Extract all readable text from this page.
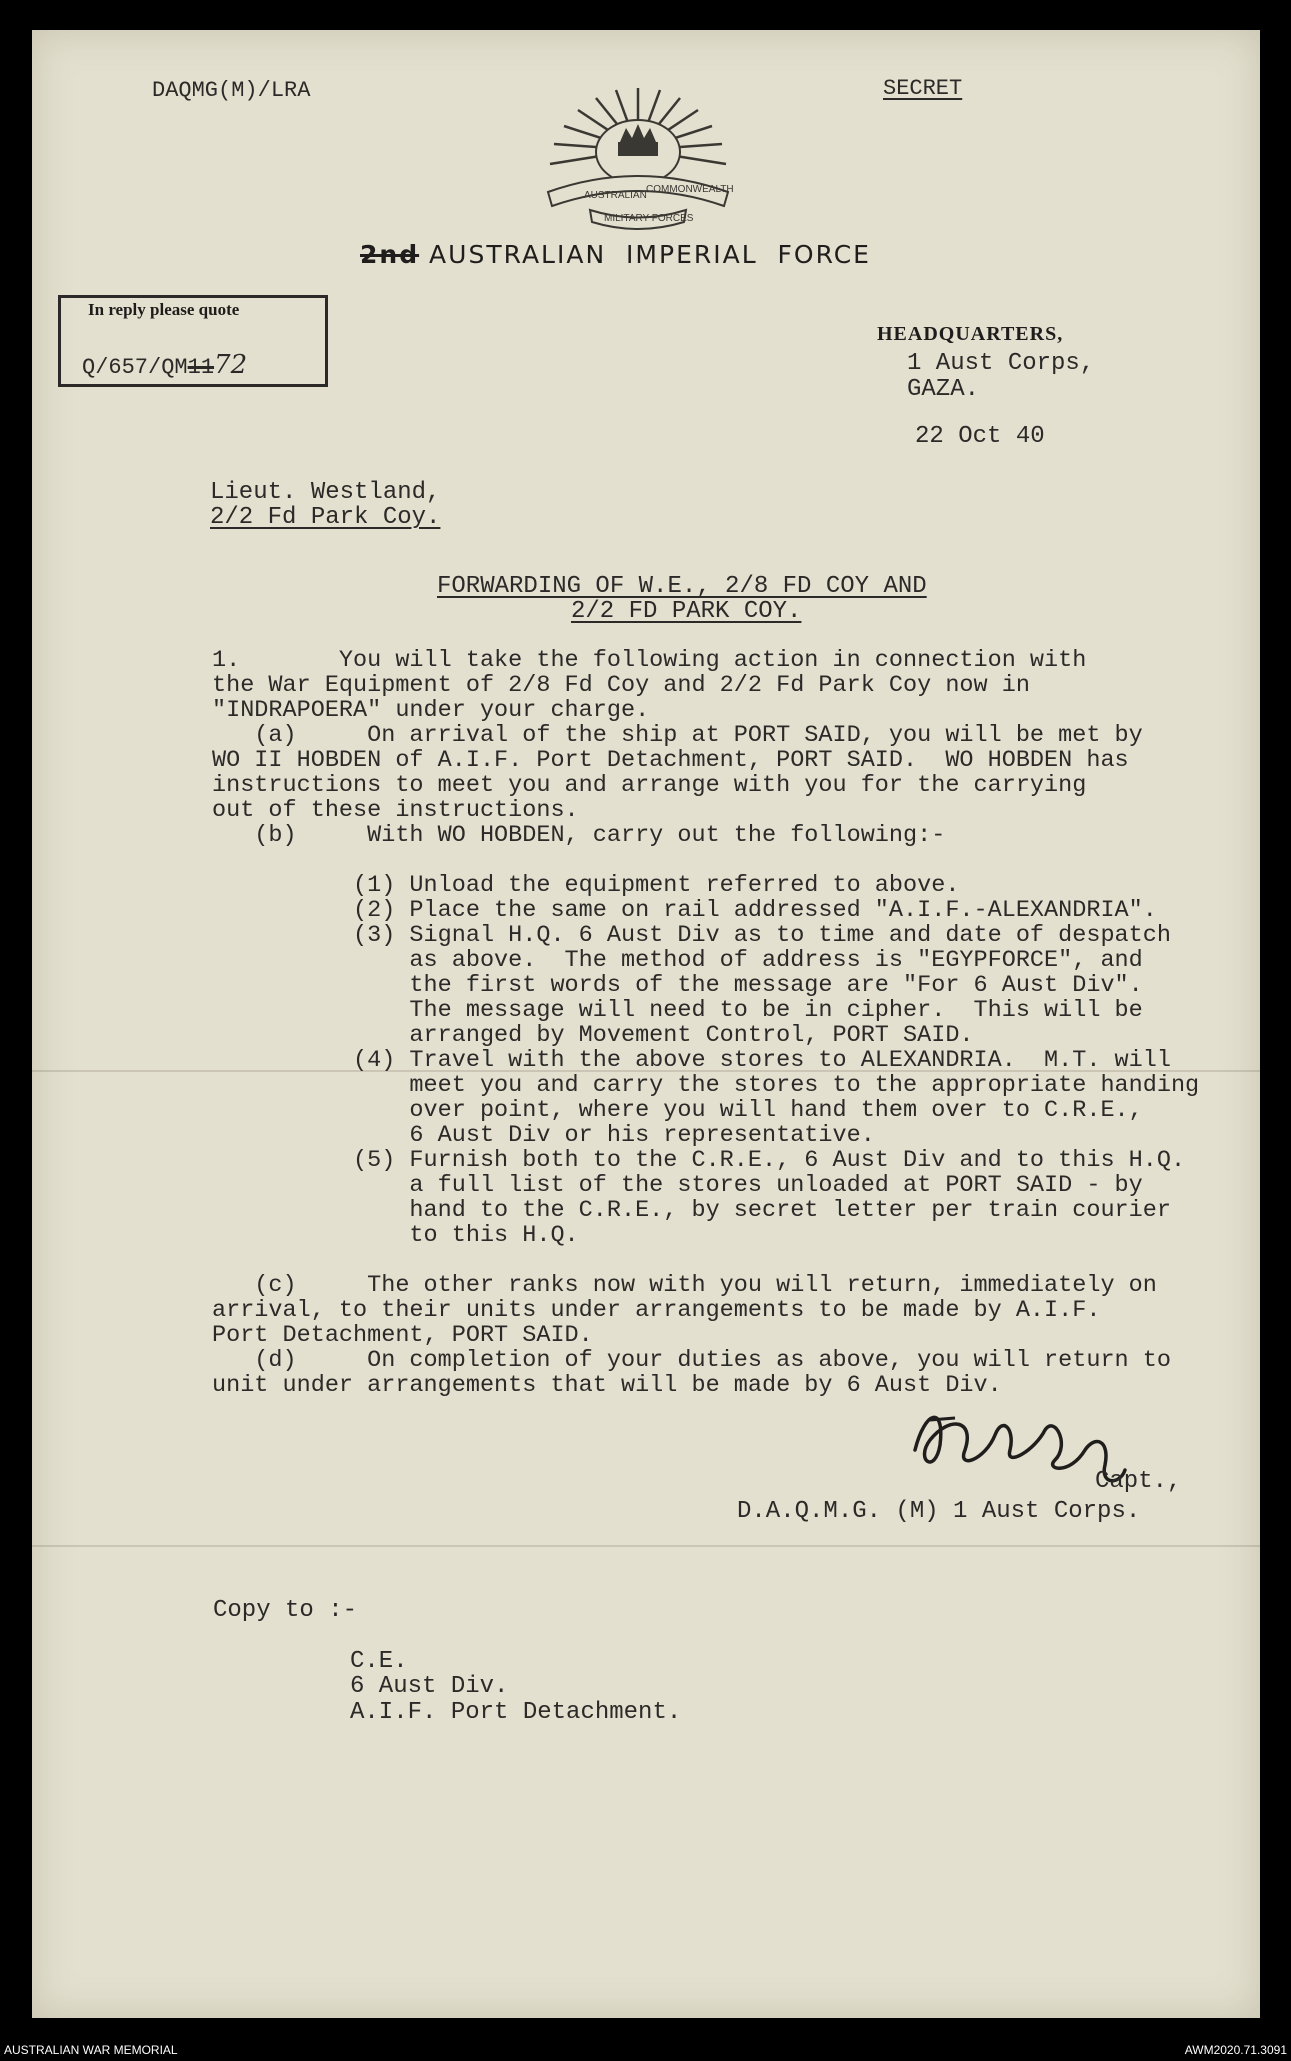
DAQMG(M)/LRA	SECRET
AUSTRALIAN
COMMONWEALTH
MILITARY FORCES
2nd AUSTRALIAN  IMPERIAL  FORCE
In reply please quote
Q/657/QM1172
HEADQUARTERS,
1 Aust Corps,
GAZA.
22 Oct 40
Lieut. Westland,
2/2 Fd Park Coy.
FORWARDING OF W.E., 2/8 FD COY AND
2/2 FD PARK COY.
1.       You will take the following action in connection with
the War Equipment of 2/8 Fd Coy and 2/2 Fd Park Coy now in
"INDRAPOERA" under your charge.
(a)     On arrival of the ship at PORT SAID, you will be met by
WO II HOBDEN of A.I.F. Port Detachment, PORT SAID.  WO HOBDEN has
instructions to meet you and arrange with you for the carrying
out of these instructions.
(b)     With WO HOBDEN, carry out the following:-
(1) Unload the equipment referred to above.
(2) Place the same on rail addressed "A.I.F.-ALEXANDRIA".
(3) Signal H.Q. 6 Aust Div as to time and date of despatch
as above.  The method of address is "EGYPFORCE", and
the first words of the message are "For 6 Aust Div".
The message will need to be in cipher.  This will be
arranged by Movement Control, PORT SAID.
(4) Travel with the above stores to ALEXANDRIA.  M.T. will
meet you and carry the stores to the appropriate handing
over point, where you will hand them over to C.R.E.,
6 Aust Div or his representative.
(5) Furnish both to the C.R.E., 6 Aust Div and to this H.Q.
a full list of the stores unloaded at PORT SAID - by
hand to the C.R.E., by secret letter per train courier
to this H.Q.
(c)     The other ranks now with you will return, immediately on
arrival, to their units under arrangements to be made by A.I.F.
Port Detachment, PORT SAID.
(d)     On completion of your duties as above, you will return to
unit under arrangements that will be made by 6 Aust Div.
Capt.,
D.A.Q.M.G. (M) 1 Aust Corps.
Copy to :-
C.E.
6 Aust Div.
A.I.F. Port Detachment.
AUSTRALIAN WAR MEMORIAL	AWM2020.71.3091
